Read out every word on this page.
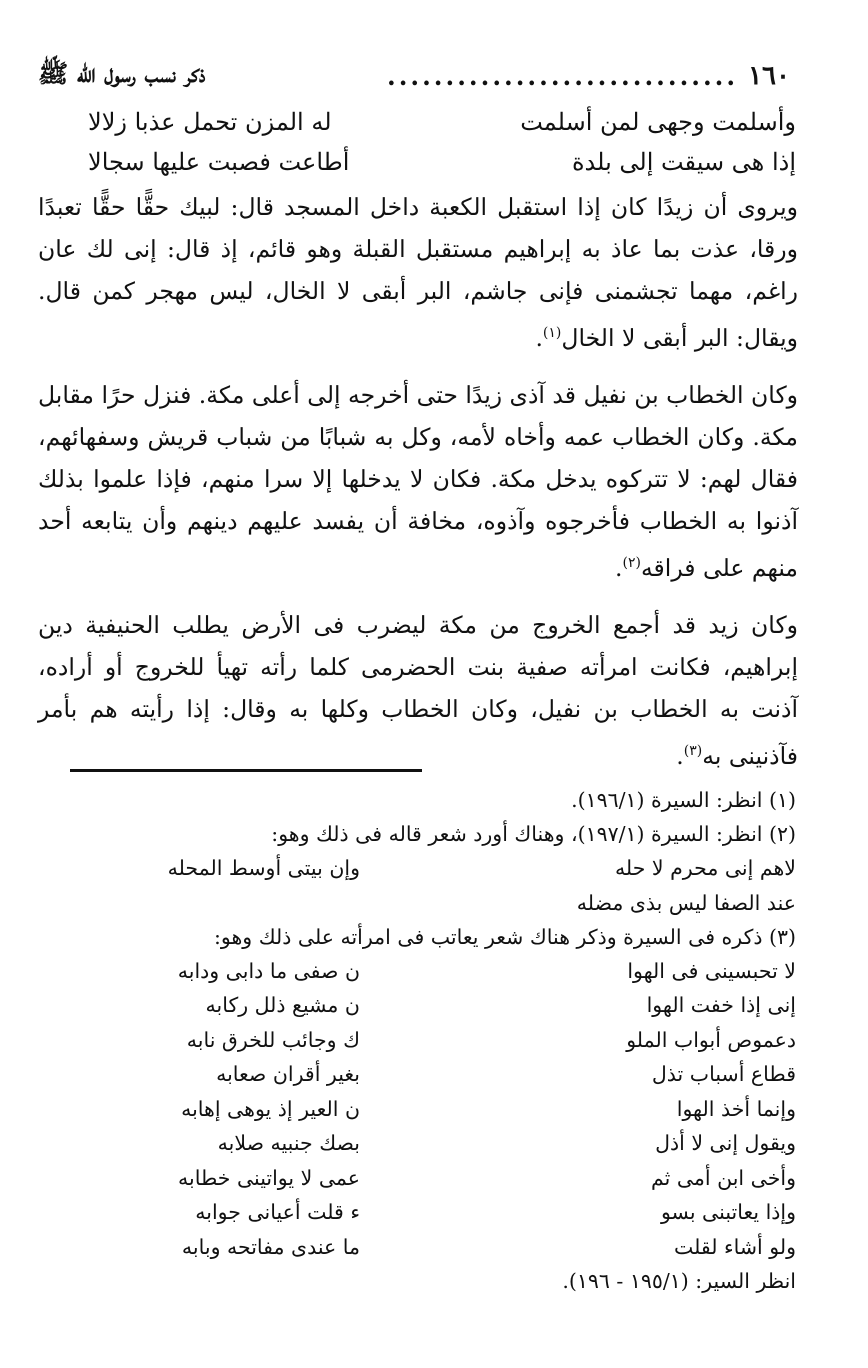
١٦٠
..............................
ذكر نسب رسول الله ﷺ
وأسلمت وجهى لمن أسلمت
له المزن تحمل عذبا زلالا
إذا هى سيقت إلى بلدة
أطاعت فصبت عليها سجالا

ويروى أن زيدًا كان إذا استقبل الكعبة داخل المسجد قال: لبيك حقًّا حقًّا تعبدًا ورقا، عذت بما عاذ به إبراهيم مستقبل القبلة وهو قائم، إذ قال: إنى لك عان راغم، مهما تجشمنى فإنى جاشم، البر أبقى لا الخال، ليس مهجر كمن قال. ويقال: البر أبقى لا الخال$^{(١)}$.

وكان الخطاب بن نفيل قد آذى زيدًا حتى أخرجه إلى أعلى مكة. فنزل حرًا مقابل مكة. وكان الخطاب عمه وأخاه لأمه، وكل به شبابًا من شباب قريش وسفهائهم، فقال لهم: لا تتركوه يدخل مكة. فكان لا يدخلها إلا سرا منهم، فإذا علموا بذلك آذنوا به الخطاب فأخرجوه وآذوه، مخافة أن يفسد عليهم دينهم وأن يتابعه أحد منهم على فراقه$^{(٢)}$.

وكان زيد قد أجمع الخروج من مكة ليضرب فى الأرض يطلب الحنيفية دين إبراهيم، فكانت امرأته صفية بنت الحضرمى كلما رأته تهيأ للخروج أو أراده، آذنت به الخطاب بن نفيل، وكان الخطاب وكلها به وقال: إذا رأيته هم بأمر فآذنينى به$^{(٣)}$.

(١) انظر: السيرة (١٩٦/١).
(٢) انظر: السيرة (١٩٧/١)، وهناك أورد شعر قاله فى ذلك وهو:
لاهم إنى محرم لا حله
وإن بيتى أوسط المحله
عند الصفا ليس بذى مضله
(٣) ذكره فى السيرة وذكر هناك شعر يعاتب فى امرأته على ذلك وهو:
لا تحبسينى فى الهوا
ن صفى ما دابى ودابه
إنى إذا خفت الهوا
ن مشيع ذلل ركابه
دعموص أبواب الملو
ك وجائب للخرق نابه
قطاع أسباب تذل
بغير أقران صعابه
وإنما أخذ الهوا
ن العير إذ يوهى إهابه
ويقول إنى لا أذل
بصك جنبيه صلابه
وأخى ابن أمى ثم
عمى لا يواتينى خطابه
وإذا يعاتبنى بسو
ء قلت أعيانى جوابه
ولو أشاء لقلت
ما عندى مفاتحه وبابه
انظر السير: (١٩٥/١ - ١٩٦).
